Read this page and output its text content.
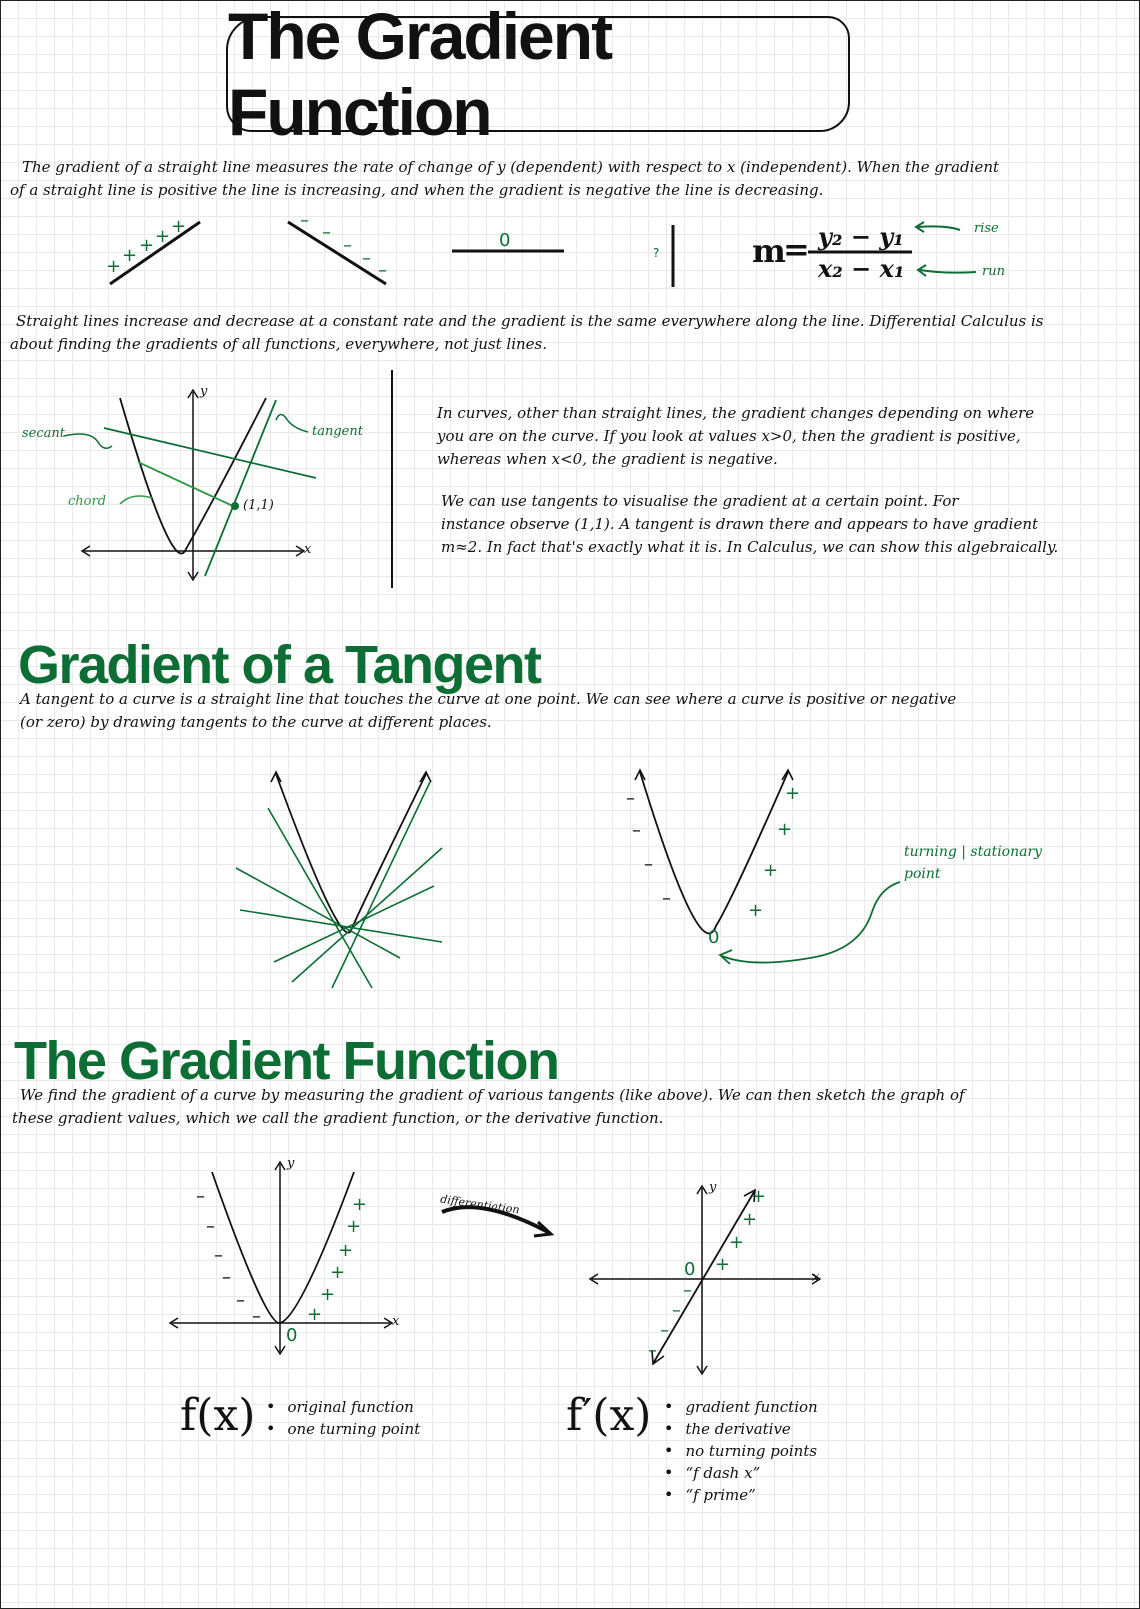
The Gradient Function
The gradient of a straight line measures the rate of change of y (dependent) with respect to x (independent). When the gradient
of a straight line is positive the line is increasing, and when the gradient is negative the line is decreasing.
+
+ + + +	–
–
–
–
–
0
?	m
= y₂ − y₁
x₂ − x₁
rise
run
Straight lines increase and decrease at a constant rate and the gradient is the same everywhere along the line. Differential Calculus is
about finding the gradients of all functions, everywhere, not just lines.
secant	tangent
chord	(1,1)
x
y
In curves, other than straight lines, the gradient changes depending on where
you are on the curve. If you look at values x>0, then the gradient is positive,
whereas when x<0, the gradient is negative.
We can use tangents to visualise the gradient at a certain point. For
instance observe (1,1). A tangent is drawn there and appears to have gradient
m≈2. In fact that's exactly what it is. In Calculus, we can show this algebraically.
Gradient of a Tangent
A tangent to a curve is a straight line that touches the curve at one point. We can see where a curve is positive or negative
(or zero) by drawing tangents to the curve at different places.
–
–
–
–
+
+
+
+
0
turning | stationary
point
The Gradient Function
We find the gradient of a curve by measuring the gradient of various tangents (like above). We can then sketch the graph of
these gradient values, which we call the gradient function, or the derivative function.
–
–
–
–
–
–
+
+
+
+
+
+
0
x
y
differentiation	+
+
+
+
–
–
–
–
0	x
y
f(x)	• original function
• one turning point	f′(x)	• gradient function
• the derivative
• no turning points
• “f dash x”
• “f prime”
